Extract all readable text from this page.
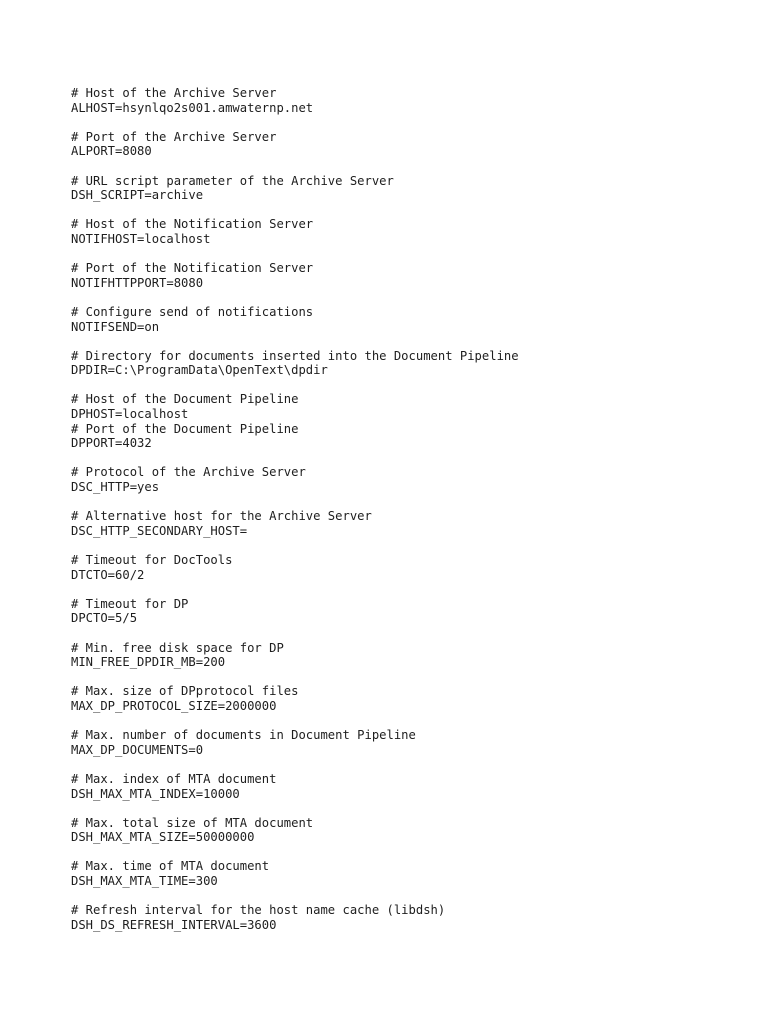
# Host of the Archive Server
ALHOST=hsynlqo2s001.amwaternp.net
# Port of the Archive Server
ALPORT=8080
# URL script parameter of the Archive Server
DSH_SCRIPT=archive
# Host of the Notification Server
NOTIFHOST=localhost
# Port of the Notification Server
NOTIFHTTPPORT=8080
# Configure send of notifications
NOTIFSEND=on
# Directory for documents inserted into the Document Pipeline
DPDIR=C:\ProgramData\OpenText\dpdir
# Host of the Document Pipeline
DPHOST=localhost
# Port of the Document Pipeline
DPPORT=4032
# Protocol of the Archive Server
DSC_HTTP=yes
# Alternative host for the Archive Server
DSC_HTTP_SECONDARY_HOST=
# Timeout for DocTools
DTCTO=60/2
# Timeout for DP
DPCTO=5/5
# Min. free disk space for DP
MIN_FREE_DPDIR_MB=200
# Max. size of DPprotocol files
MAX_DP_PROTOCOL_SIZE=2000000
# Max. number of documents in Document Pipeline
MAX_DP_DOCUMENTS=0
# Max. index of MTA document
DSH_MAX_MTA_INDEX=10000
# Max. total size of MTA document
DSH_MAX_MTA_SIZE=50000000
# Max. time of MTA document
DSH_MAX_MTA_TIME=300
# Refresh interval for the host name cache (libdsh)
DSH_DS_REFRESH_INTERVAL=3600
